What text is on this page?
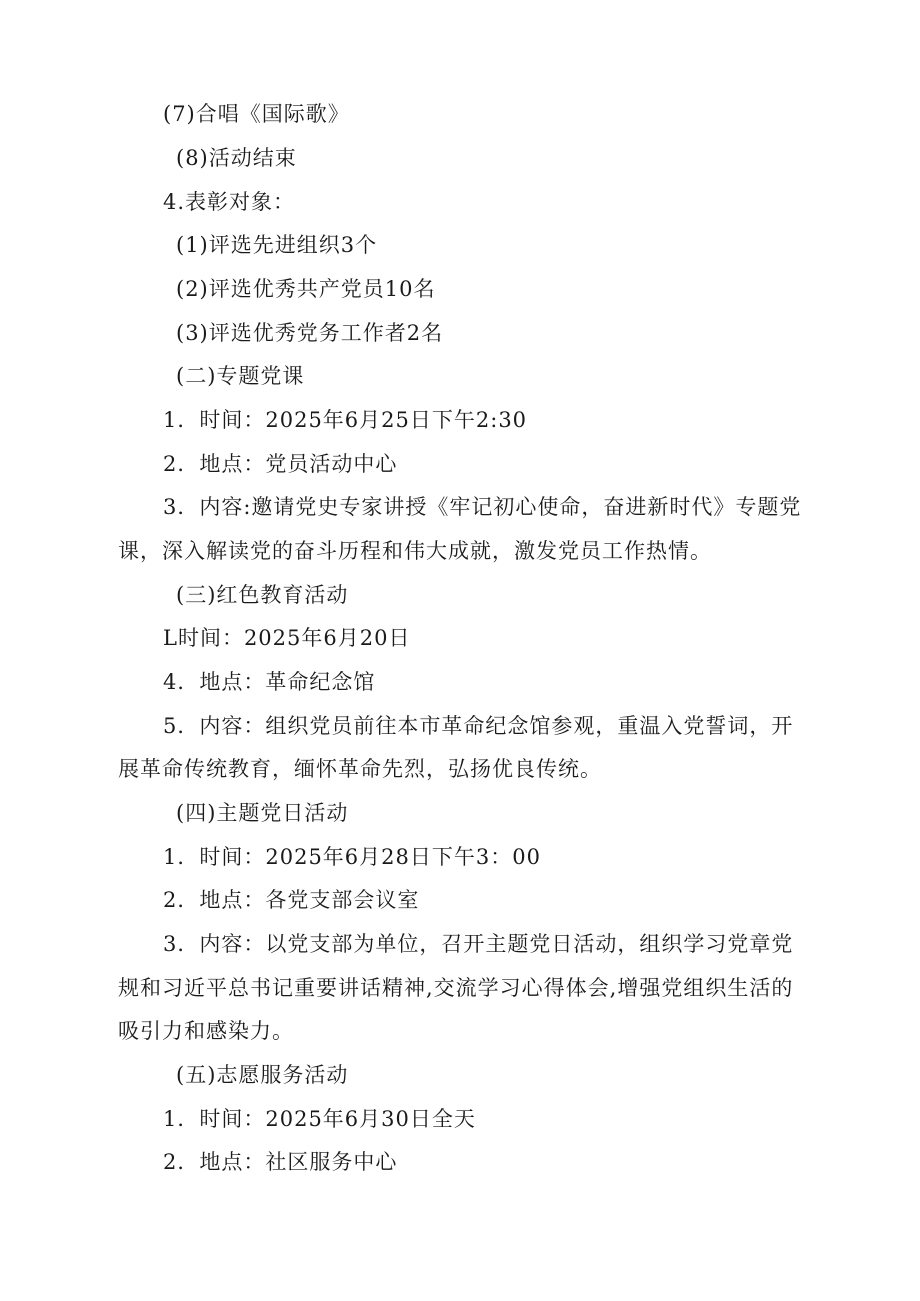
(7)合唱《国际歌》
(8)活动结束
4.表彰对象：
(1)评选先进组织3个
(2)评选优秀共产党员10名
(3)评选优秀党务工作者2名
(二)专题党课
1．时间：2025年6月25日下午2:30
2．地点：党员活动中心
3．内容:邀请党史专家讲授《牢记初心使命，奋进新时代》专题党
课，深入解读党的奋斗历程和伟大成就，激发党员工作热情。
(三)红色教育活动
L时间：2025年6月20日
4．地点：革命纪念馆
5．内容：组织党员前往本市革命纪念馆参观，重温入党誓词，开
展革命传统教育，缅怀革命先烈，弘扬优良传统。
(四)主题党日活动
1．时间：2025年6月28日下午3：00
2．地点：各党支部会议室
3．内容：以党支部为单位，召开主题党日活动，组织学习党章党
规和习近平总书记重要讲话精神,交流学习心得体会,增强党组织生活的
吸引力和感染力。
(五)志愿服务活动
1．时间：2025年6月30日全天
2．地点：社区服务中心
